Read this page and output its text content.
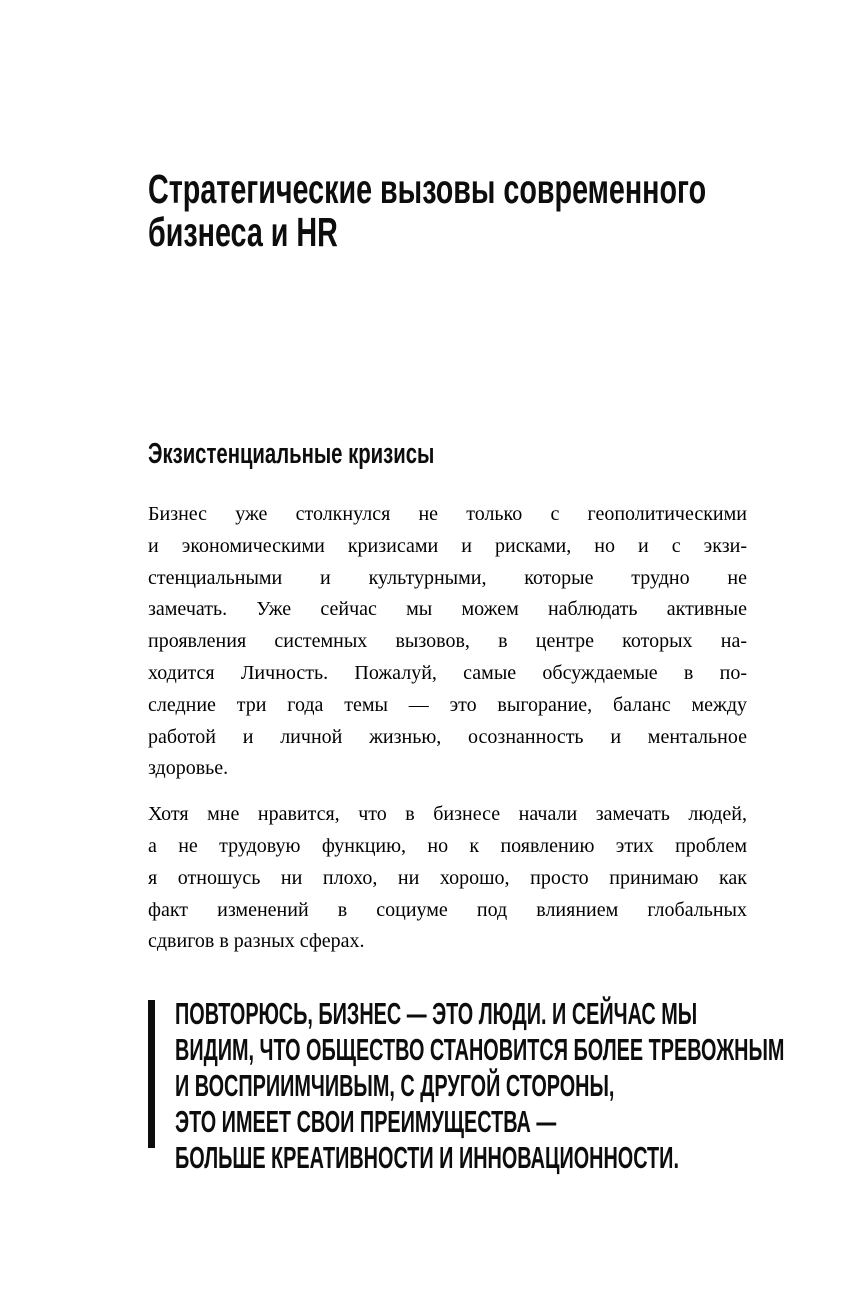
Стратегические вызовы современного
бизнеса и HR
Экзистенциальные кризисы
Бизнес уже столкнулся не только с геополитическими
и экономическими кризисами и рисками, но и с экзи-
стенциальными и культурными, которые трудно не
замечать. Уже сейчас мы можем наблюдать активные
проявления системных вызовов, в центре которых на-
ходится Личность. Пожалуй, самые обсуждаемые в по-
следние три года темы — это выгорание, баланс между
работой и личной жизнью, осознанность и ментальное
здоровье.
Хотя мне нравится, что в бизнесе начали замечать людей,
а не трудовую функцию, но к появлению этих проблем
я отношусь ни плохо, ни хорошо, просто принимаю как
факт изменений в социуме под влиянием глобальных
сдвигов в разных сферах.
ПОВТОРЮСЬ, БИЗНЕС — ЭТО ЛЮДИ. И СЕЙЧАС МЫ
ВИДИМ, ЧТО ОБЩЕСТВО СТАНОВИТСЯ БОЛЕЕ ТРЕВОЖНЫМ
И ВОСПРИИМЧИВЫМ, С ДРУГОЙ СТОРОНЫ,
ЭТО ИМЕЕТ СВОИ ПРЕИМУЩЕСТВА —
БОЛЬШЕ КРЕАТИВНОСТИ И ИННОВАЦИОННОСТИ.
